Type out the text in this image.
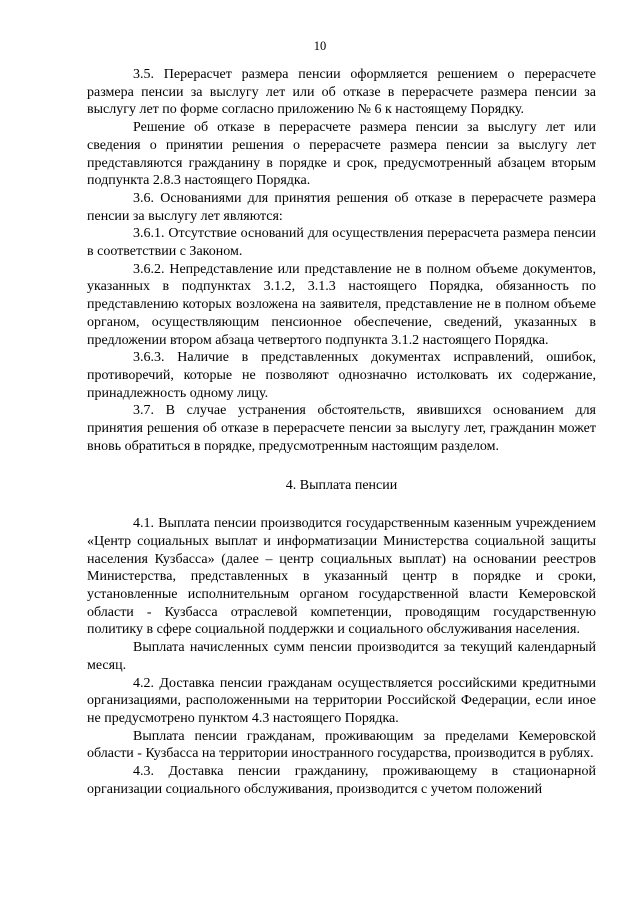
10

3.5. Перерасчет размера пенсии оформляется решением о перерасчете размера пенсии за выслугу лет или об отказе в перерасчете размера пенсии за выслугу лет по форме согласно приложению № 6 к настоящему Порядку.

Решение об отказе в перерасчете размера пенсии за выслугу лет или сведения о принятии решения о перерасчете размера пенсии за выслугу лет представляются гражданину в порядке и срок, предусмотренный абзацем вторым подпункта 2.8.3 настоящего Порядка.

3.6. Основаниями для принятия решения об отказе в перерасчете размера пенсии за выслугу лет являются:

3.6.1. Отсутствие оснований для осуществления перерасчета размера пенсии в соответствии с Законом.

3.6.2. Непредставление или представление не в полном объеме документов, указанных в подпунктах 3.1.2, 3.1.3 настоящего Порядка, обязанность по представлению которых возложена на заявителя, представление не в полном объеме органом, осуществляющим пенсионное обеспечение, сведений, указанных в предложении втором абзаца четвертого подпункта 3.1.2 настоящего Порядка.

3.6.3. Наличие в представленных документах исправлений, ошибок, противоречий, которые не позволяют однозначно истолковать их содержание, принадлежность одному лицу.

3.7. В случае устранения обстоятельств, явившихся основанием для принятия решения об отказе в перерасчете пенсии за выслугу лет, гражданин может вновь обратиться в порядке, предусмотренным настоящим разделом.

4. Выплата пенсии

4.1. Выплата пенсии производится государственным казенным учреждением «Центр социальных выплат и информатизации Министерства социальной защиты населения Кузбасса» (далее – центр социальных выплат) на основании реестров Министерства, представленных в указанный центр в порядке и сроки, установленные исполнительным органом государственной власти Кемеровской области - Кузбасса отраслевой компетенции, проводящим государственную политику в сфере социальной поддержки и социального обслуживания населения.

Выплата начисленных сумм пенсии производится за текущий календарный месяц.

4.2. Доставка пенсии гражданам осуществляется российскими кредитными организациями, расположенными на территории Российской Федерации, если иное не предусмотрено пунктом 4.3 настоящего Порядка.

Выплата пенсии гражданам, проживающим за пределами Кемеровской области - Кузбасса на территории иностранного государства, производится в рублях.

4.3. Доставка пенсии гражданину, проживающему в стационарной организации социального обслуживания, производится с учетом положений
